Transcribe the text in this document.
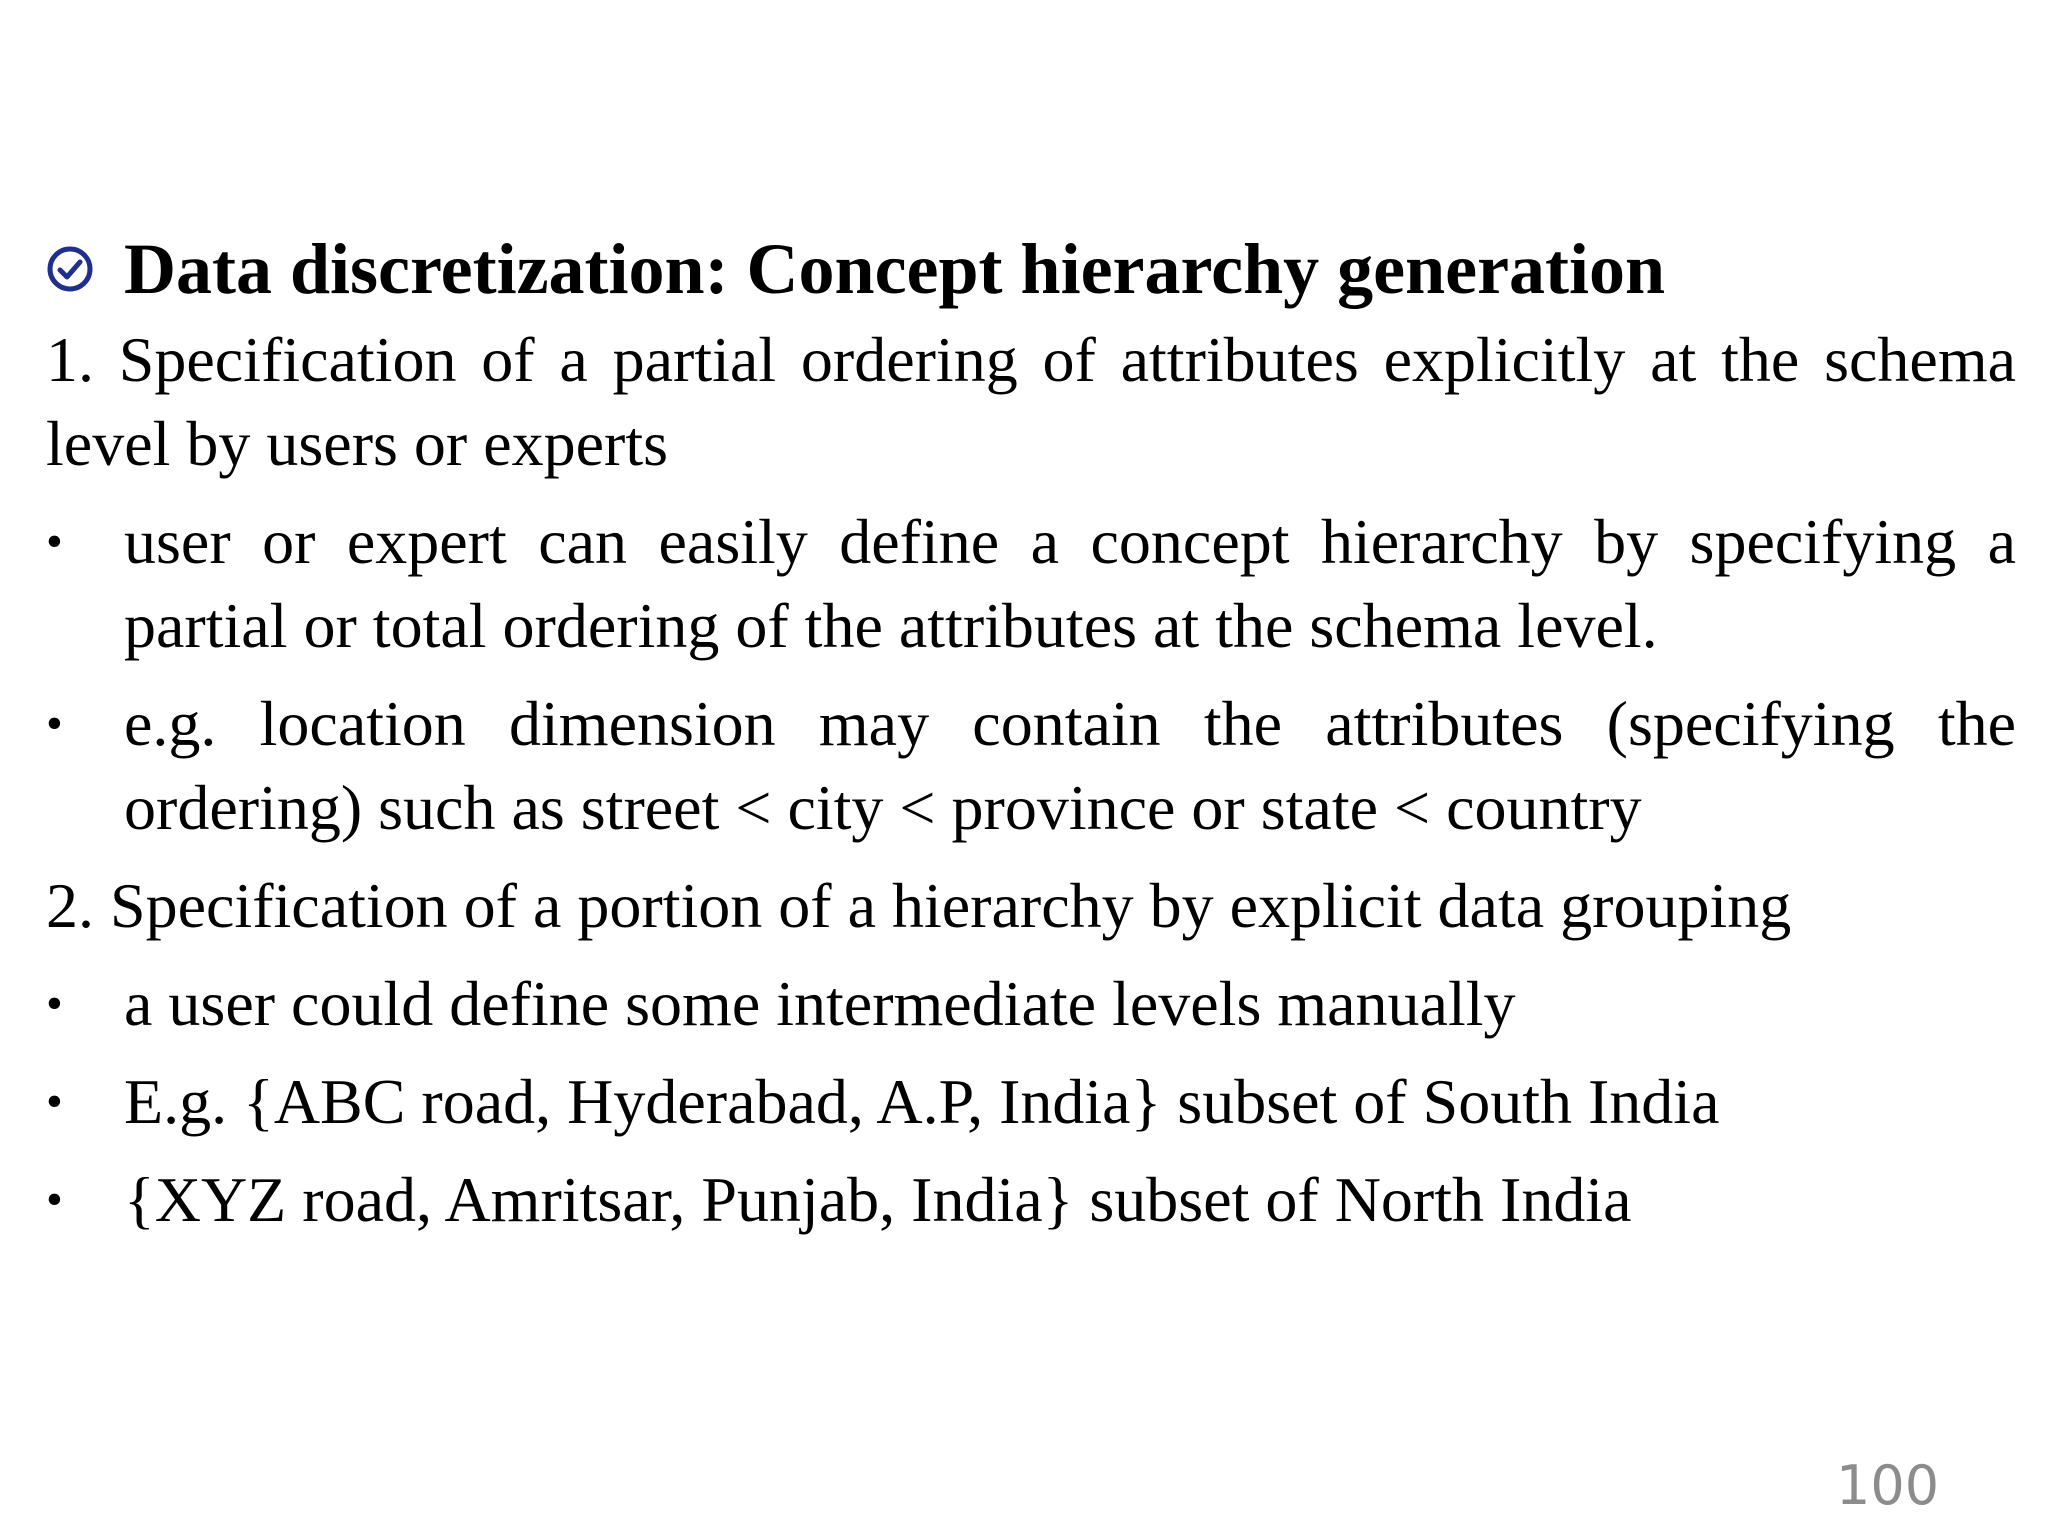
Data discretization: Concept hierarchy generation

1. Specification of a partial ordering of attributes explicitly at the schema level by users or experts

• user or expert can easily define a concept hierarchy by specifying a partial or total ordering of the attributes at the schema level.
• e.g. location dimension may contain the attributes (specifying the ordering) such as street < city < province or state < country

2. Specification of a portion of a hierarchy by explicit data grouping

• a user could define some intermediate levels manually
• E.g. {ABC road, Hyderabad, A.P, India} subset of South India
• {XYZ road, Amritsar, Punjab, India} subset of North India
100
